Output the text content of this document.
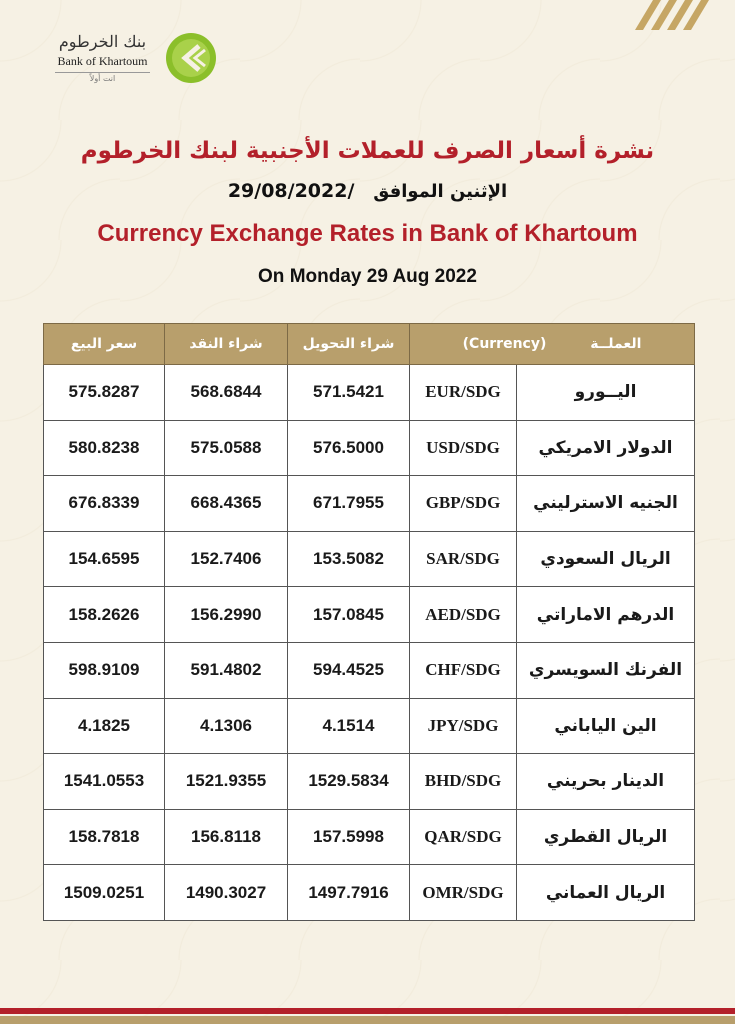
بنك الخرطوم
Bank of Khartoum
انت أولاً
نشرة أسعار الصرف للعملات الأجنبية لبنك الخرطوم
الإثنين الموافق   29/08/2022/
Currency Exchange Rates in Bank of Khartoum
On Monday 29 Aug 2022
سعر البيع	شراء النقد	شراء التحويل	(Currency) العملــة	
575.8287	568.6844	571.5421	EUR/SDG	اليــورو
580.8238	575.0588	576.5000	USD/SDG	الدولار الامريكي
676.8339	668.4365	671.7955	GBP/SDG	الجنيه الاسترليني
154.6595	152.7406	153.5082	SAR/SDG	الريال السعودي
158.2626	156.2990	157.0845	AED/SDG	الدرهم الاماراتي
598.9109	591.4802	594.4525	CHF/SDG	الفرنك السويسري
4.1825	4.1306	4.1514	JPY/SDG	الين الياباني
1541.0553	1521.9355	1529.5834	BHD/SDG	الدينار بحريني
158.7818	156.8118	157.5998	QAR/SDG	الريال القطري
1509.0251	1490.3027	1497.7916	OMR/SDG	الريال العماني
